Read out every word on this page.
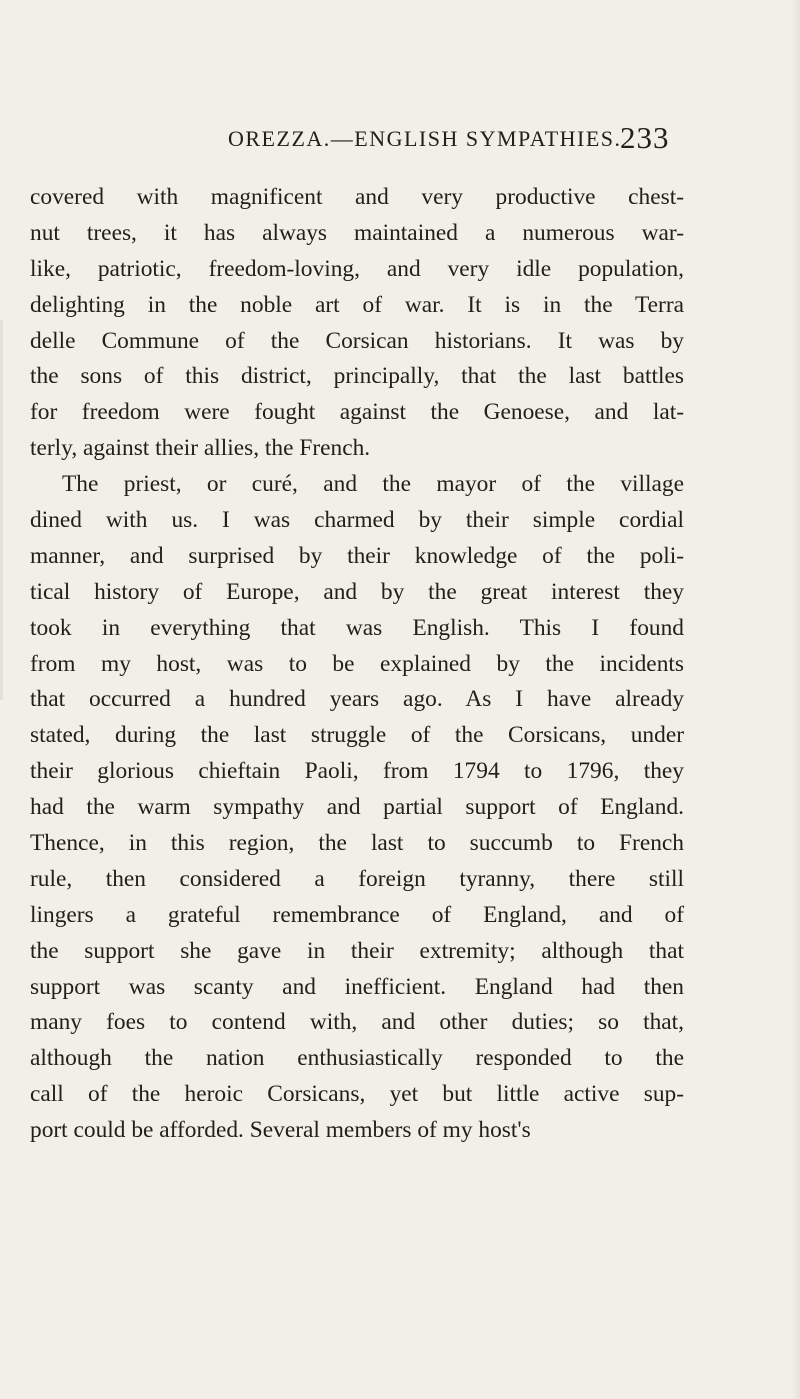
OREZZA.—ENGLISH SYMPATHIES.
233
covered with magnificent and very productive chest-
nut trees, it has always maintained a numerous war-
like, patriotic, freedom-loving, and very idle population,
delighting in the noble art of war. It is in the Terra
delle Commune of the Corsican historians. It was by
the sons of this district, principally, that the last battles
for freedom were fought against the Genoese, and lat-
terly, against their allies, the French.
The priest, or curé, and the mayor of the village
dined with us. I was charmed by their simple cordial
manner, and surprised by their knowledge of the poli-
tical history of Europe, and by the great interest they
took in everything that was English. This I found
from my host, was to be explained by the incidents
that occurred a hundred years ago. As I have already
stated, during the last struggle of the Corsicans, under
their glorious chieftain Paoli, from 1794 to 1796, they
had the warm sympathy and partial support of England.
Thence, in this region, the last to succumb to French
rule, then considered a foreign tyranny, there still
lingers a grateful remembrance of England, and of
the support she gave in their extremity; although that
support was scanty and inefficient. England had then
many foes to contend with, and other duties; so that,
although the nation enthusiastically responded to the
call of the heroic Corsicans, yet but little active sup-
port could be afforded. Several members of my host's
